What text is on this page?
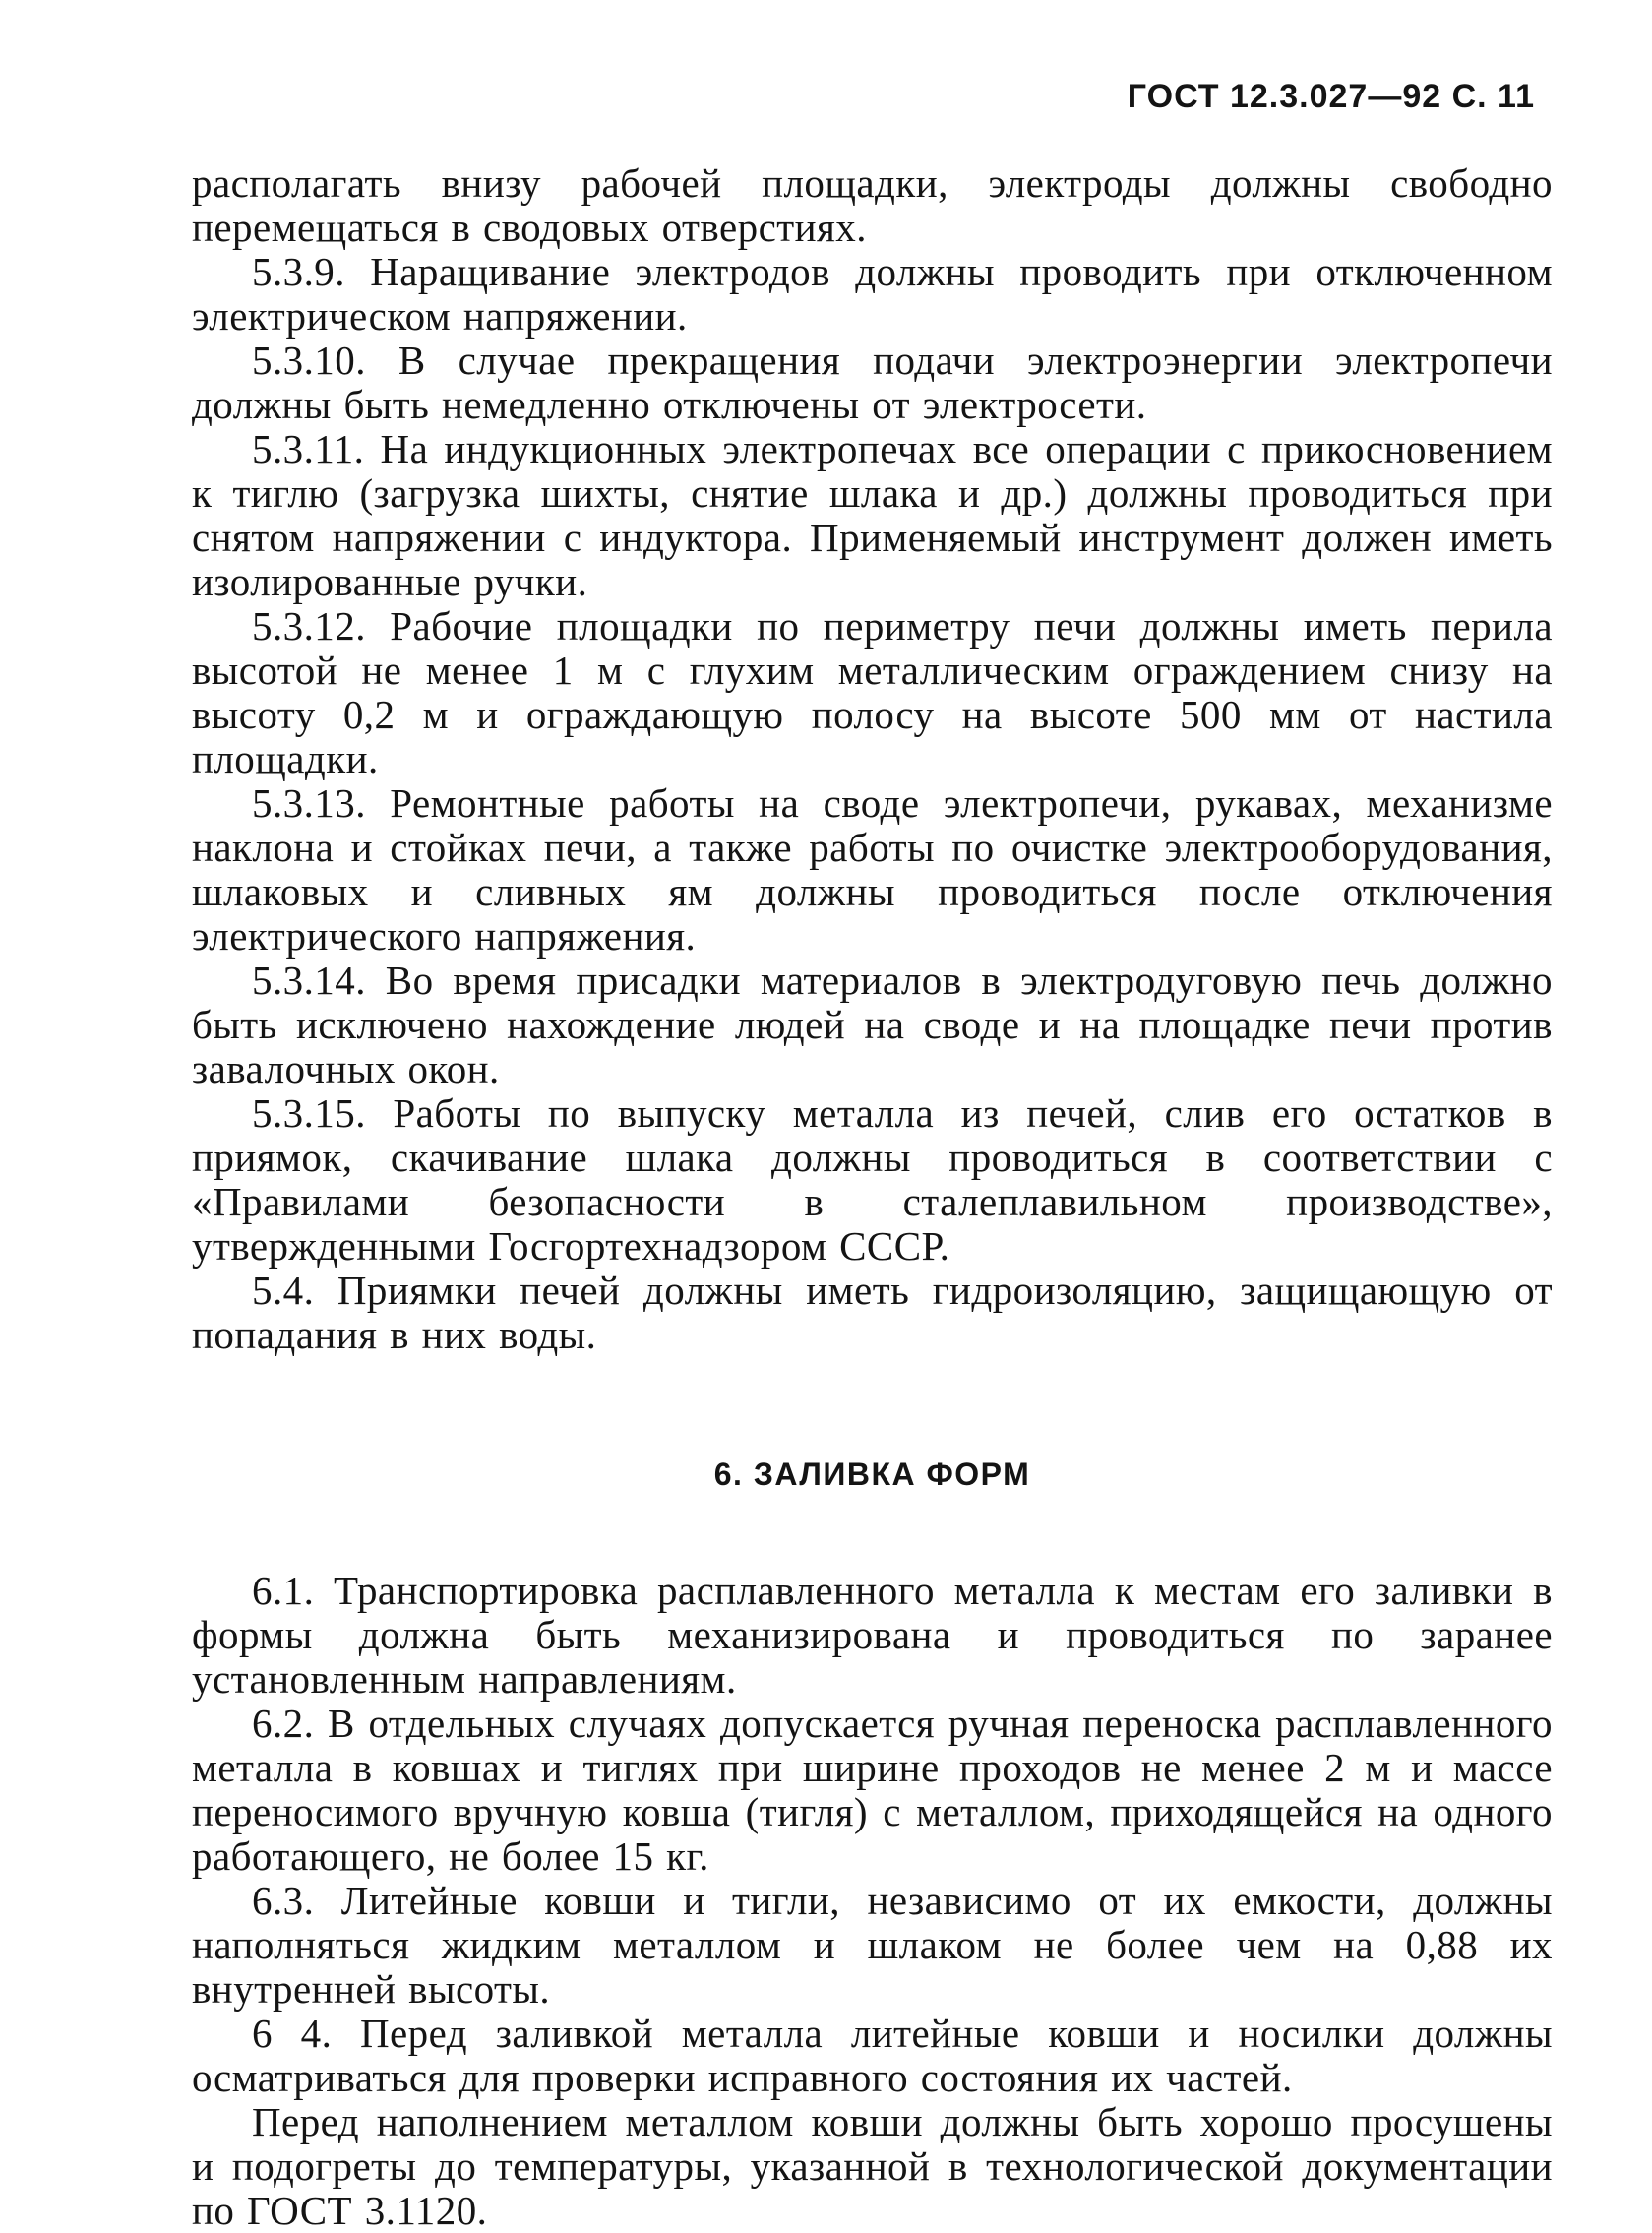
ГОСТ 12.3.027—92 С. 11

располагать внизу рабочей площадки, электроды должны свободно перемещаться в сводовых отверстиях.

5.3.9. Наращивание электродов должны проводить при отключенном электрическом напряжении.

5.3.10. В случае прекращения подачи электроэнергии электропечи должны быть немедленно отключены от электросети.

5.3.11. На индукционных электропечах все операции с прикосновением к тиглю (загрузка шихты, снятие шлака и др.) должны проводиться при снятом напряжении с индуктора. Применяемый инструмент должен иметь изолированные ручки.

5.3.12. Рабочие площадки по периметру печи должны иметь перила высотой не менее 1 м с глухим металлическим ограждением снизу на высоту 0,2 м и ограждающую полосу на высоте 500 мм от настила площадки.

5.3.13. Ремонтные работы на своде электропечи, рукавах, механизме наклона и стойках печи, а также работы по очистке электрооборудования, шлаковых и сливных ям должны проводиться после отключения электрического напряжения.

5.3.14. Во время присадки материалов в электродуговую печь должно быть исключено нахождение людей на своде и на площадке печи против завалочных окон.

5.3.15. Работы по выпуску металла из печей, слив его остатков в приямок, скачивание шлака должны проводиться в соответствии с «Правилами безопасности в сталеплавильном производстве», утвержденными Госгортехнадзором СССР.

5.4. Приямки печей должны иметь гидроизоляцию, защищающую от попадания в них воды.

6. ЗАЛИВКА ФОРМ

6.1. Транспортировка расплавленного металла к местам его заливки в формы должна быть механизирована и проводиться по заранее установленным направлениям.

6.2. В отдельных случаях допускается ручная переноска расплавленного металла в ковшах и тиглях при ширине проходов не менее 2 м и массе переносимого вручную ковша (тигля) с металлом, приходящейся на одного работающего, не более 15 кг.

6.3. Литейные ковши и тигли, независимо от их емкости, должны наполняться жидким металлом и шлаком не более чем на 0,88 их внутренней высоты.

6 4. Перед заливкой металла литейные ковши и носилки должны осматриваться для проверки исправного состояния их частей.

Перед наполнением металлом ковши должны быть хорошо просушены и подогреты до температуры, указанной в технологической документации по ГОСТ 3.1120.
